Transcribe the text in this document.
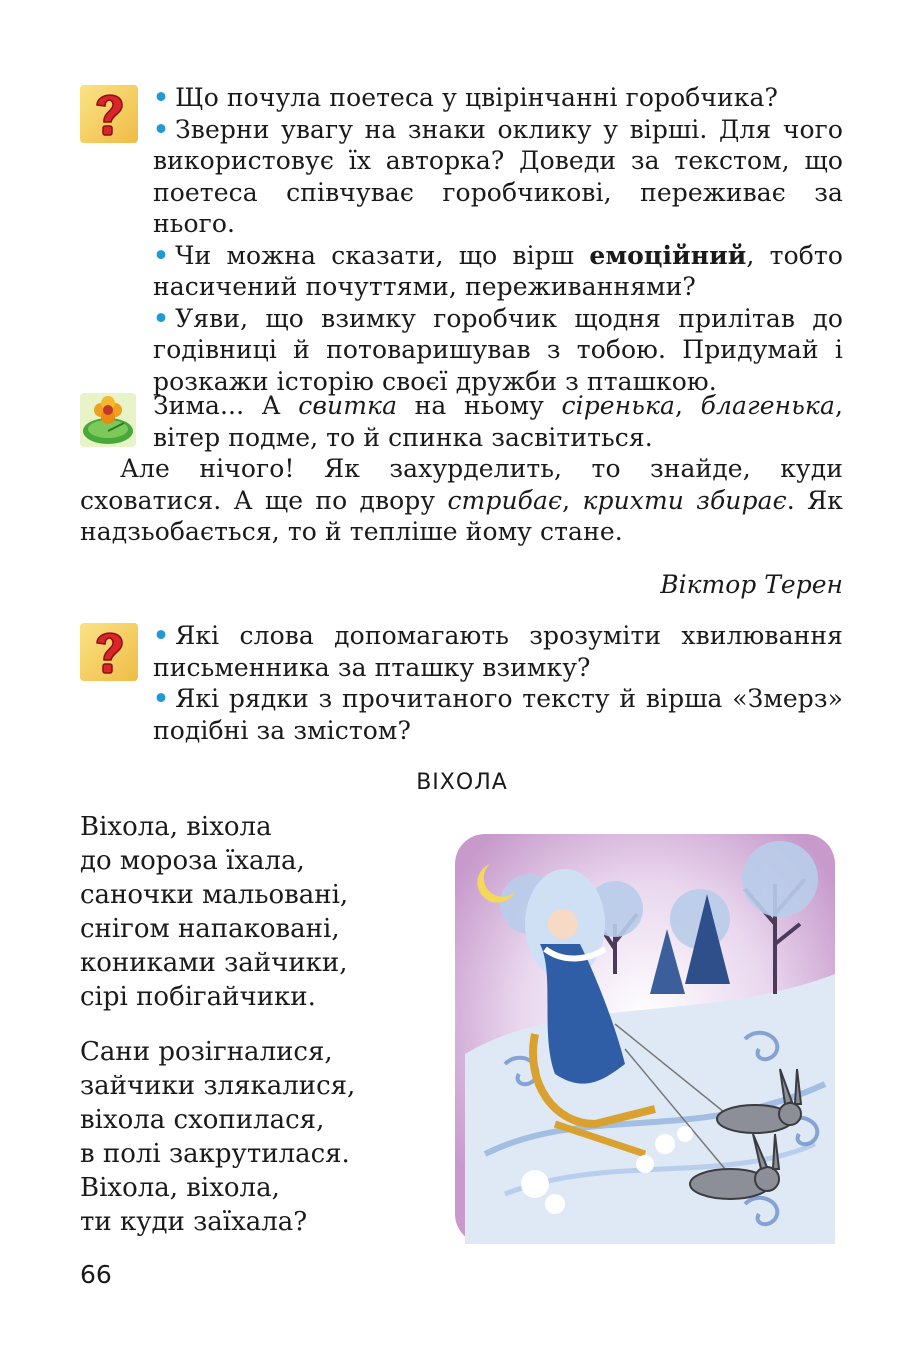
• Що почула поетеса у цвірінчанні горобчика?

• Зверни увагу на знаки оклику у вірші. Для чого використовує їх авторка? Доведи за текстом, що поетеса співчуває горобчикові, переживає за нього.

• Чи можна сказати, що вірш емоційний, тобто насичений почуттями, переживаннями?

• Уяви, що взимку горобчик щодня прилітав до годівниці й потоваришував з тобою. Придумай і розкажи історію своєї дружби з пташкою.

Зима... А свитка на ньому сіренька, благенька, вітер подме, то й спинка засвітиться.
Але нічого! Як захурделить, то знайде, куди сховатися. А ще по двору стрибає, крихти збирає. Як надзьобається, то й тепліше йому стане.
Віктор Терен

• Які слова допомагають зрозуміти хвилювання письменника за пташку взимку?

• Які рядки з прочитаного тексту й вірша «Змерз» подібні за змістом?

ВІХОЛА
Віхола, віхола
до мороза їхала,
саночки мальовані,
снігом напаковані,
кониками зайчики,
сірі побігайчики.
Сани розігналися,
зайчики злякалися,
віхола схопилася,
в полі закрутилася.
Віхола, віхола,
ти куди заїхала?
66
